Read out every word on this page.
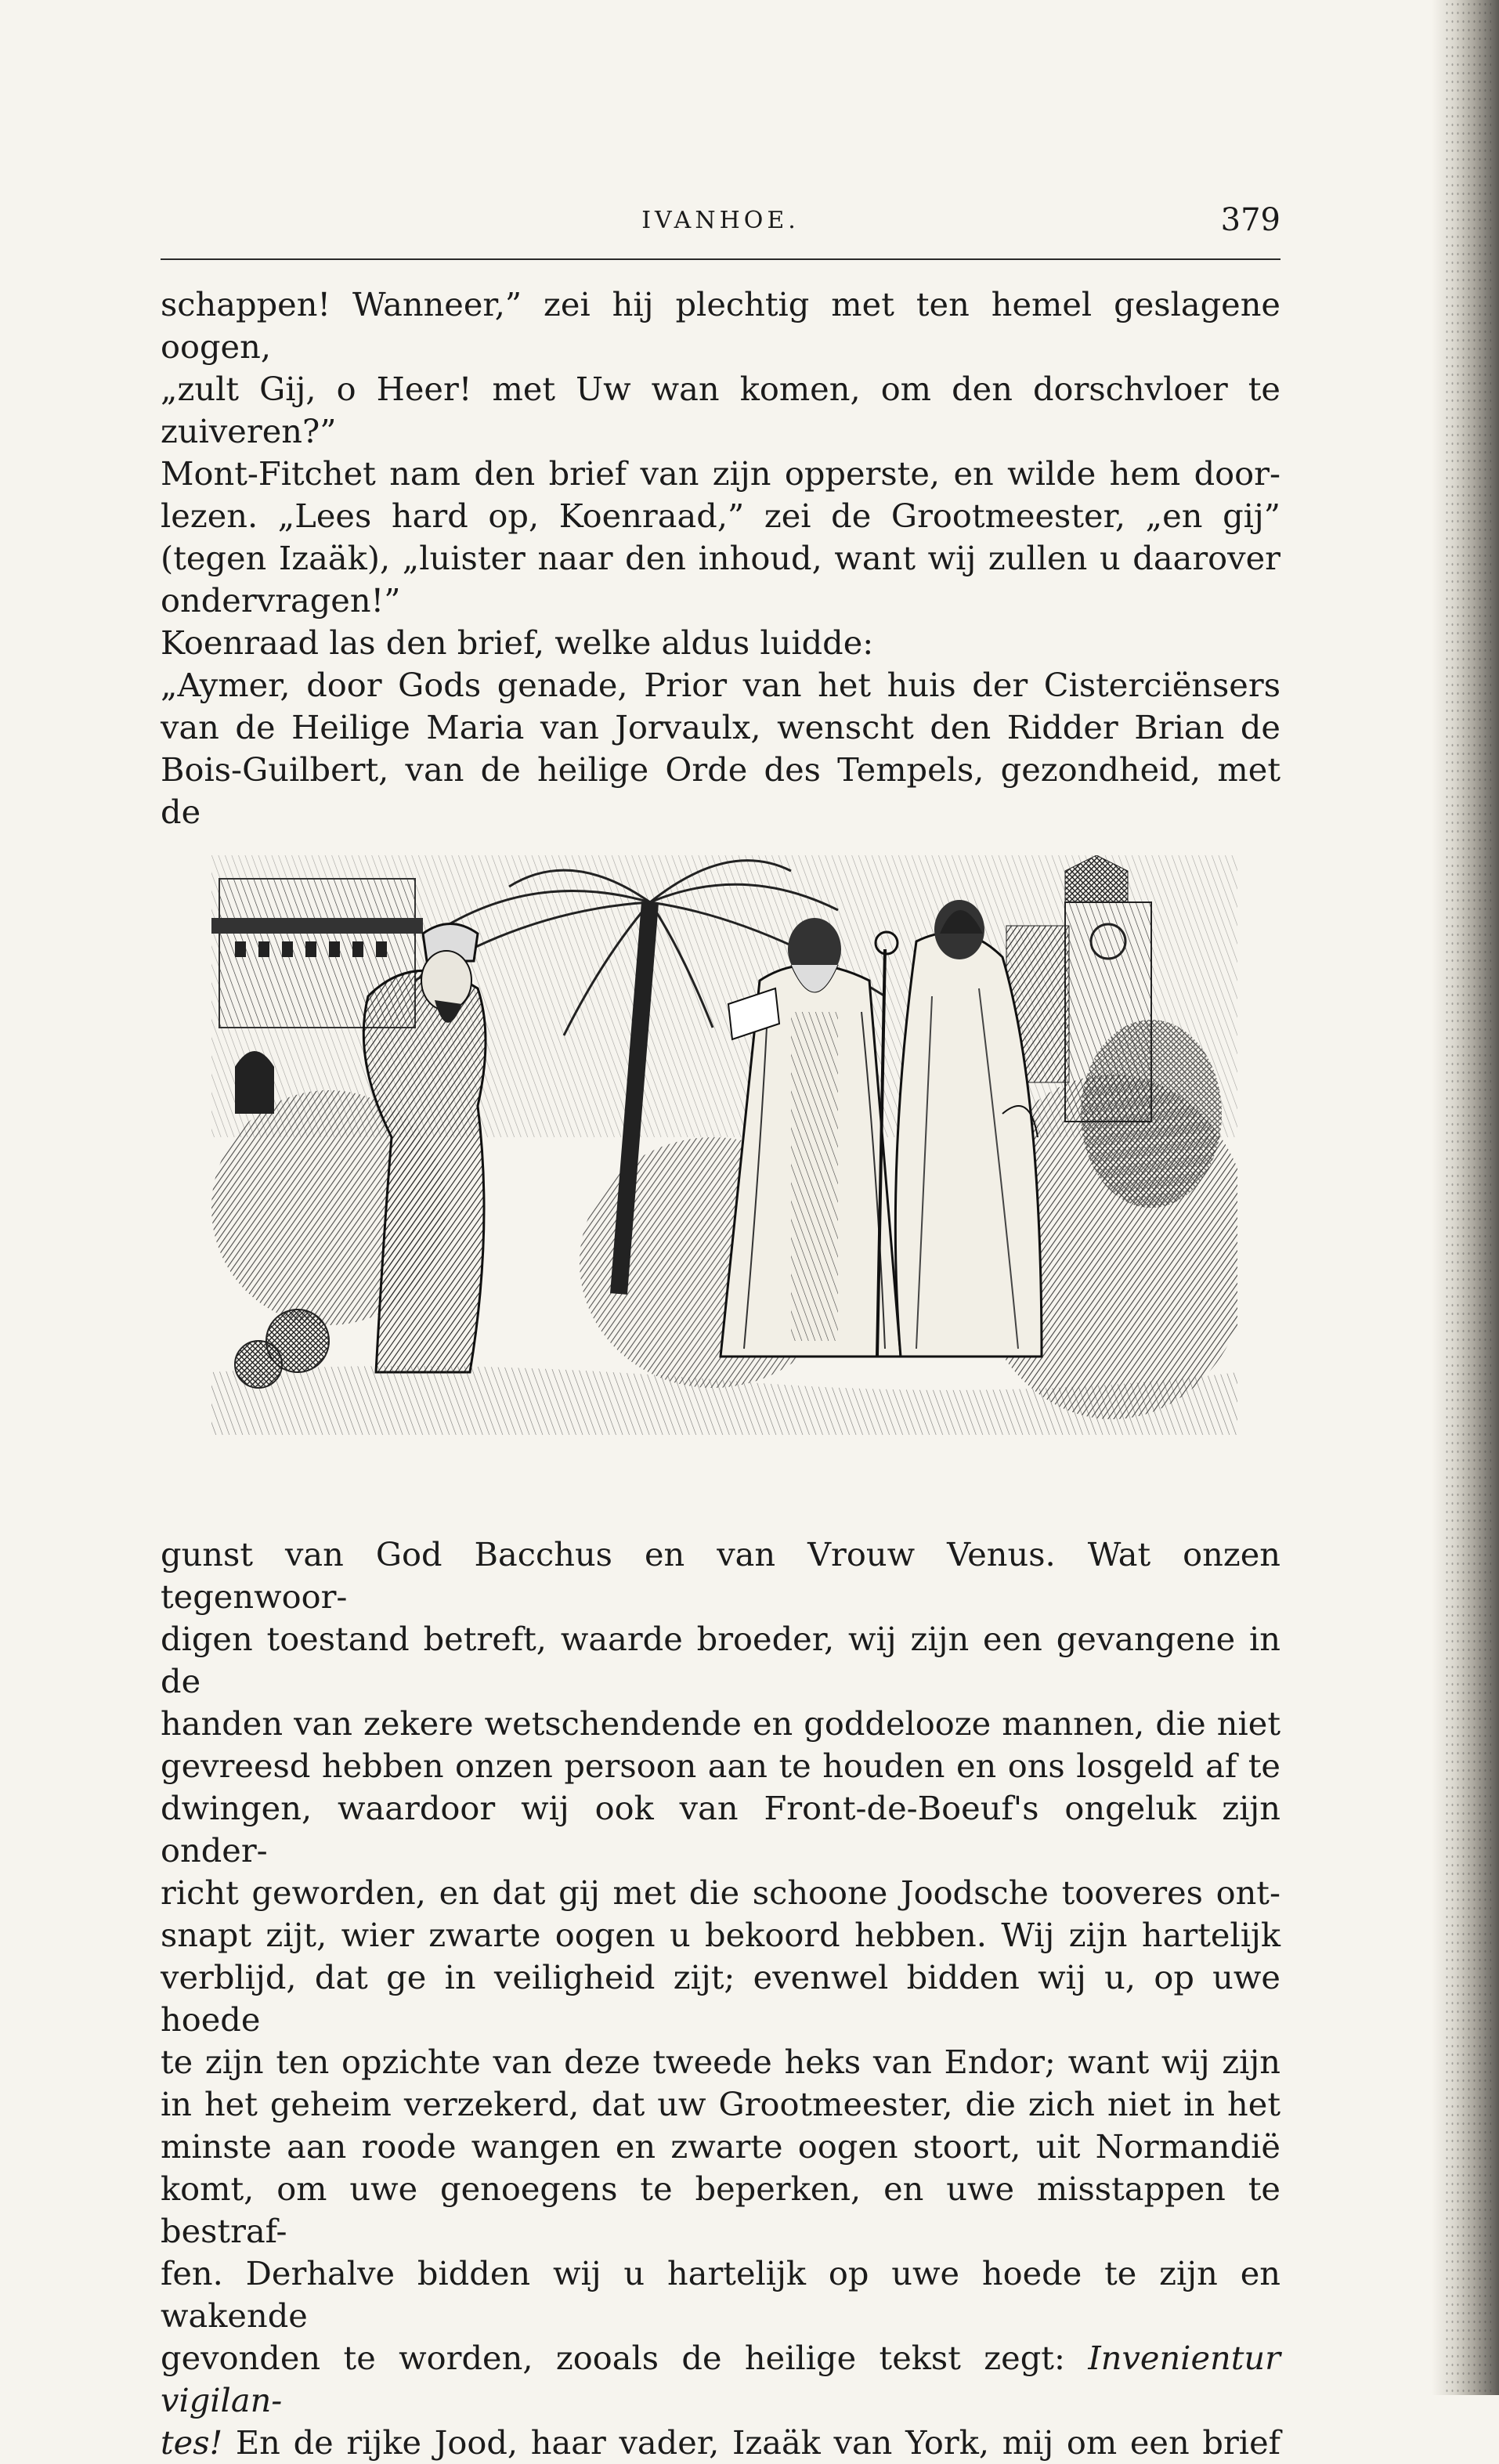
IVANHOE.	379
schappen! Wanneer,” zei hij plechtig met ten hemel geslagene oogen,
„zult Gij, o Heer! met Uw wan komen, om den dorschvloer te
zuiveren?”
Mont-Fitchet nam den brief van zijn opperste, en wilde hem door-
lezen. „Lees hard op, Koenraad,” zei de Grootmeester, „en gij”
(tegen Izaäk), „luister naar den inhoud, want wij zullen u daarover
ondervragen!”
Koenraad las den brief, welke aldus luidde:
„Aymer, door Gods genade, Prior van het huis der Cisterciënsers
van de Heilige Maria van Jorvaulx, wenscht den Ridder Brian de
Bois-Guilbert, van de heilige Orde des Tempels, gezondheid, met de
gunst van God Bacchus en van Vrouw Venus. Wat onzen tegenwoor-
digen toestand betreft, waarde broeder, wij zijn een gevangene in de
handen van zekere wetschendende en goddelooze mannen, die niet
gevreesd hebben onzen persoon aan te houden en ons losgeld af te
dwingen, waardoor wij ook van Front-de-Boeuf's ongeluk zijn onder-
richt geworden, en dat gij met die schoone Joodsche tooveres ont-
snapt zijt, wier zwarte oogen u bekoord hebben. Wij zijn hartelijk
verblijd, dat ge in veiligheid zijt; evenwel bidden wij u, op uwe hoede
te zijn ten opzichte van deze tweede heks van Endor; want wij zijn
in het geheim verzekerd, dat uw Grootmeester, die zich niet in het
minste aan roode wangen en zwarte oogen stoort, uit Normandië
komt, om uwe genoegens te beperken, en uwe misstappen te bestraf-
fen. Derhalve bidden wij u hartelijk op uwe hoede te zijn en wakende
gevonden te worden, zooals de heilige tekst zegt: Invenientur vigilan-
tes! En de rijke Jood, haar vader, Izaäk van York, mij om een brief
